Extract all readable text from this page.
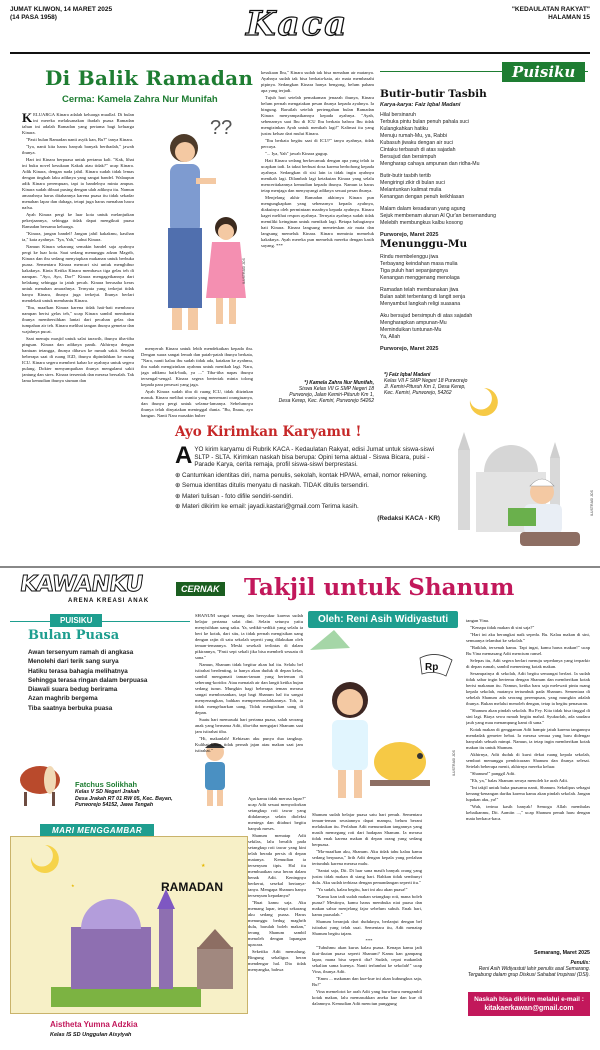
JUMAT KLIWON, 14 MARET 2025
(14 PASA 1958)	Kaca	"KEDAULATAN RAKYAT"
HALAMAN 15
Di Balik Ramadan
Cerma: Kamela Zahra Nur Munifah

KELUARGA Kinara adalah keluarga muallaf. Di bulan ini mereka melaksanakan ibadah puasa Ramadan tahun ini adalah Ramadan yang pertama bagi keluarga Kinara.

"Pasti bulan Ramadan nanti asyik kan, Bu?" tanya Kinara.

"Iya, nanti kita harus banyak banyak beribadah," jawab ibunya.

Hari ini Kinara berpuasa untuk pertama kali. "Kak, lihat ini buku novel kesukaan Kakak atau tidak?" ucap Kinara. Adik Kinara, dengan nada jahil. Kinara sudah tidak lemas dengan tingkah laku adiknya yang sangat bandel. Walaupun adik Kinara perempuan, tapi ia bandelnya minta ampun. Kinara sudah dibuat pusing dengan ulah adiknya itu. Namun amarahnya harus ditahannya karena puasa itu tidak sekadar menahan lapar dan dahaga, tetapi juga harus menahan hawa nafsu.

Ayah Kinara pergi ke luar kota untuk melanjutkan pekerjaannya, sehingga tidak dapat mengikuti puasa Ramadan bersama keluarga.

"Kinara, jangan bandel! Jangan jahil kakakmu, kasihan ia," kata ayahnya. "Iya, Yah," sahut Kinara.

Namun Kinara sekarang semakin bandel saja ayahnya pergi ke luar kota. Saat sedang menunggu adzan Magrib, Kinara dan ibu sedang menyiapkan makanan untuk berbuka puasa. Sementara Kinara mencari sisi untuk menghibur kakaknya. Kinta Ketika Kinara membawa tiga gelas teh di nampan. "Ayo, Ayo, Dor!" Kinara mengagetkannya dari belakang sehingga ia jatuh pecah. Kinara berusaha keras untuk menahan amarahnya. Ternyata yang terkejut tidak hanya Kinara, ibunya juga terkejut. Ibunya berlari mendekati untuk membantu Kinara.

"Ibu, maafkan Kinara karena tidak hati-hati membawa nampan berisi gelas teh," ucap Kinara sambil membantu ibunya membersihkan lantai dari pecahan gelas dan tumpahan air teh. Kinara melihat tangan ibunya gemetar dan wajahnya pucat.

Saat menuju masjid untuk salat tarawih, ibunya tiba-tiba pingsan. Kinara dan adiknya panik. Akhirnya dengan bantuan tetangga, ibunya dibawa ke rumah sakit. Setelah beberapa saat di ruang IGD, ibunya dipindahkan ke ruang ICU. Kinara segera memberi kabar ke ayahnya untuk segera pulang. Dokter menyampaikan ibunya mengalami sakit jantung dan stres. Kinara tersentak dan merasa bersalah. Tak lama kemudian ibunya siuman dan

??
ILUSTRASI JOS

menyeruh Kinara untuk lebih mendekatkan kepada ibu. Dengan suara sangat lemah dan patah-patah ibunya berkata, "Nara, nanti kalau ibu sudah tidak ada, katakan ke ayahmu, ibu sudah mengizinkan ayahmu untuk menikah lagi. Nara, jaga adikmu baik-baik, ya ..." Tiba-tiba napas ibunya tersengal-sengal. Kinara segera berteriak minta tolong kepada para perawat yang jaga.

Ayah Kinara sudah tiba di ruang ICU, tidak diizinkan masuk. Kinara melihat wanita yang menemani orangtuanya, dan ibunya pergi untuk selama-lamanya. Sebelumnya ibunya telah dinyatakan meninggal dunia. "Bu, Ibuuu, ayo bangun. Nanti Nara masakin buber

kesukaan Ibu," Kinara sudah tak bisa menahan air matanya. Ayahnya sudah tak bisa berkata-kata, air mata membasahi pipinya. Sedangkan Kinara hanya bengong, belum paham apa yang terjadi.

Tujuh hari setelah pemakaman jenazah ibunya, Kinara belum pernah mengatakan pesan ibunya kepada ayahnya. Ia bingung. Baruilah setelah pertengahan bulan Ramadan Kinara menyampaikannya kepada ayahnya. "Ayah, sebenarnya saat Ibu di ICU Ibu berkata bahwa Ibu tidak mengizinkan Ayah untuk menikah lagi!" Kalimat itu yang justru keluar dari mulut Kinara.

"Ibu berkata begitu saat di ICU?" tanya ayahnya, tidak percaya.

"... Iya, Yah" jawab Kinara gugup.

Hati Kinara sedang berkecamuk dengan apa yang telah ia ucapkan tadi. Ia takut berbuat dosa karena berbohong kepada ayahnya. Sedangkan di sisi lain ia tidak ingin ayahnya menikah lagi. Dilambah lagi ketakutan Kinara yang selalu menceritakannya kemudian kepada ibunya. Namun ia harus tetap menjaga dan menyayangi adiknya sesuai pesan ibunya.

Menjelang akhir Ramadan akhirnya Kinara pun mengungkapkan yang sebenarnya kepada ayahnya, diakuinya oleh permintaan maafnya kepada ayahnya. Kinara kaget melihat respon ayahnya. Ternyata ayahnya sudah tidak memiliki keinginan untuk menikah lagi. Betapa bahagianya hati Kinara. Kinara langsung meneteskan air mata dan langsung memeluk Kinara. Kinara meminta memeluk kakaknya. Ayah mereka pun memeluk mereka dengan kasih sayang. ***

*) Kamela Zahra Nur Munifah,
Siswa Kelas VII G SMP Negeri 18
Purworejo, Jalan Kemiri-Pituruh Km 1,
Desa Kerep, Kec. Kemiri, Purworejo 54262
Puisiku
Butir-butir Tasbih
Karya-karya: Faiz Iqbal Madani
Hilal bersinaruh
Terbuka pintu bulan penuh pahala suci
Kulangkahkan hatiku
Menuju rumah-Mu, ya, Rabbi
Kubasuh jiwaku dengan air suci
Cintaku terbasuh di atas sajadah
Bersujud dan bersimpuh
Mengharap cahaya ampunan dan ridha-Mu
Butir-butir tasbih tertib
Mengiringi zikir di bulan suci
Melantunkan kalimat mulia
Kenangan dengan penuh keikhlasan
Malam dalam kesadaran yang agung
Sejuk membenam alunan Al Qur'an bersenandung
Melebih membungkus kalbu kosong
Purworejo, Maret 2025
Menunggu-Mu
Rindu membelenggu jiwa
Terbayang keindahan masa mulia
Tiga puluh hari sepanjangnya
Kenangan menggenang menolaga
Ramadan telah membanakan jiwa
Bulan sabit terbentang di langit senja
Menyambut langkah religi suasana
Aku bersujud bersimpuh di atas sajadah
Mengharapkan ampunan-Mu
Meminduikan tuntunan-Mu
Ya, Allah
Purworejo, Maret 2025
*) Faiz Iqbal Madani
Kelas VII F SMP Negeri 18 Purworejo
Jl. Kemiri-Pituruh Km 1, Desa Kerep,
Kec. Kemiri, Purworejo, 54262
ILUSTRASI JOS
Ayo Kirimkan Karyamu !
AYO kirim karyamu di Rubrik KACA - Kedaulatan Rakyat, edisi Jumat untuk siswa-siswi SLTP - SLTA. Kirimkan naskah bisa berupa: Opini tema aktual - Siswa Bicara, puisi - Parade Karya, cerita remaja, profil siswa-siswi berprestasi.
⊕ Cantumkan identitas diri, nama penulis, sekolah, kontak HP/WA, email, nomor rekening.
⊕ Semua identitas ditulis menyatu di naskah. TIDAK ditulis tersendiri.
⊕ Materi tulisan - foto difile sendiri-sendiri.
⊕ Materi dikirim ke email: jayadi.kastari@gmail.com Terima kasih.
(Redaksi KACA - KR)
KAWANKU
ARENA KREASI ANAK
CERNAK Takjil untuk Shanum
PUISIKU
Bulan Puasa
Awan tersenyum ramah di angkasa
Menolehi dari terik sang surya
Hatiku terasa bahagia melihatnya
Sehingga terasa ringan dalam berpuasa
Diawali suara bedug berirama
Azan maghrib bergema
Tiba saatnya berbuka puasa
Fatchus Solikhah
Kelas V SD Negeri Jrakah
Desa Jrakah RT 01 RW 05, Kec. Bayan,
Purworejo 54152, Jawa Tengah
MARI MENGGAMBAR
★
★
RAMADAN
Aistheta Yumna Adzkia
Kelas IS SD Unggulan Aisyiyah

SHANUM sangat senang dan bersyukur karena sudah belajar pertama salat dini. Selain setunya yaitu menyisihkan uang saku. Ya, sedikit-sedikit yang selalu ia beri ke kotak, dari situ, ia tidak pernah mengisikan uang dengan rajin di satu sekolah seperti yang dilakukan oleh teman-temannya. Meski sesekali terlintas di dalam pikirannya, "Pasti sepi sekali jika bisa membeli sesuatu di sana."

Namun, Shanum tidak begitur akan hal itu. Selalu bel istirahat berdenting, ia hanya akan duduk di depan kelas, sambil mengamati taman-taman yang berteman di seberang-koridor. Atau menatah air dan langit ketika hujan sedang turun. Mungkin bagi beberapa teman merasa sangat membosankan, tapi bagi Shanum hal itu sangat menyenangkan, bahkan memperemaslahkannya. Toh, ia tidak mengeluarkan uang. Tidak mengisikan uang di depan.

Suatu hari memasuki hari pertama puasa, salah seorang anak yang bernama Adit, tiba-tiba mengajari Shanum saat jam istirahat tiba.

"Hi, makanlah! Kebiasan aku punya dua tangkup. Kulihat kamu tidak pernah jajan atau makan saat jam istirahat."

Apa kamu tidak merasa lapar?" ucap Adit sesuai menyodorkan setangkup roti tawar yang didalamnya selain dioleksi mentega dan ditaburi begitu banyak meses.

Shanum menatap Adit sekilas, lalu beralih pada setangkup roti tawar yang kini telah berada persis di depan matanya. Kemudian ia tersenyum tipis. Hal itu membuatkan rasa heran dalam benak Adit. Keningnya berkerut, sesekal bertanya-tanya. Mengapa Shanum hanya tersenyum kepadanya?

"Buat kamu saja. Aku memang lapar, tetapi sekarang aku sedang puasa. Harus menunggu bedug maghrib dulu, barulah boleh makan," terang Shanum sambil menoleh dengan lapangan upacara.

Seketika Adit memalung. Bingung sekaligus heran mendengar hal. Dia tidak menyangka, bahwa

Oleh: Reni Asih Widiyastuti
Rp
ILUSTRASI JOS

Shanum sudah belajar puasa satu hari penuh. Sementara teman-teman seusiannya dapat mampu, belum berani melakukan itu. Perlahan Adit menurunkan tangannya yang masih memegang roti dari hadapan Shanum. Ia merasa tidak enak karena makan di depan orang yang sedang berpuasa.

"Ma-maafkan aku, Shanum. Aku tidak tahu kalau kamu sedang berpuasa," lirih Adit dengan kepala yang perlahan tertunduk karena merasa malu.

"Santai saja, Dit. Di luar sana masih banyak orang yang justru tidak makan di siang hari. Bahkan tidak sembunyi dulu. Aku sudah terbiasa dengan pemandangan seperti itu."

"Ya sudah, kalau begitu, hari ini aku akan puasa!"

"Kamu kan tadi sudah makan setangkup roti, mana boleh puasa? Mestinya, kamu harus membuka niat puasa dan makan sahur menjelang fajar sebelum subuh. Enak hari, kamu puasalah."

Shanum beranjak dari duduknya, berlanjut dengan bel istirahat yang telah usai. Sementara itu, Adit menatap Shanum begitu tajam.

***

"Tubuhmu akan kurus kalau puasa. Kenapa kamu jadi ikut-ikutan puasa seperti Shanum? Kamu kan gampang lapar, mana bisa seperti dia? Sudah, cepat makanlah sekalian sama kuenya. Nanti terlambat ke sekolah!" ucap Vina, ibunya Adit.

"Emm ... makanan dan kue-kue ini akan kubungkus saja, Bu!"

Vina memelotot ke arah Adit yang buru-buru mengambil kotak makan, lalu memasukkan aneka kue dan kue di dalamnya. Kemudian Adit menciun punggung

tangan Vina.

"Kenapa tidak makan di sini saja?"

"Hari ini aku berangkat naik sepeda. Bu. Kalau makan di sini, semuanya telambat ke sekolah."

"Baiklah, tersenah kamu. Tapi ingat, kamu harus makan!" ucap Bu Vina memasang Adit mencium ransel.

Selepas itu, Adit segera berlari menuju sepedanya yang terparkir di depan rumah, sambil menenteng kotak makan.

Sesampainya di sekolah, Adit begitu semangat berlari. Ia sudah tidak sabar ingin bertemu dengan Shanum dan memberikan kotak berisi makanan itu. Namun, ketika baru saja melewati pintu ruang kepala sekolah, matanya tertumbuk pada Shanum. Sementara di sebelah Shanum ada seorang perempuan, yang mungkin adalah ibunya. Bukan melalui menoleh dengan, tetap ia begitu penasaran.

"Shanum akan pindah sekolah. Bu Fey. Kita tidak bisa tinggal di sini lagi. Biaya sewa rumah begitu mahal. Syukurlah, ada saudara jauh yang mau menampung kami di sana."

Kotak makan di genggaman Adit hampir jatuh karena tangannya mendadak gemeter hebat. Ia merasa semua yang baru didengar hanyalah sebuah mimpi. Namun, ia tetap ingin memberikan kotak makan itu untuk Shanum.

Akhirnya, Adit duduk di kursi dekat ruang kepala sekolah, sembari menunggu pembicaraan Shanum dan ibunya selesai. Setelah beberapa menit, akhirnya mereka keluar.

"Shanum!" panggil Adit.

"Eh, ya," balas Shanum seraya menoleh ke arah Adit.

"Ini takjil untuk buka puasamu nanti, Shanum. Sekalipus sebagai kenang-kenangan dariku karena kamu akan pindah sekolah. Jangan lupakan aku, ya!"

"Wah, terima kasih banyak! Semoga Allah membalas kebaikanmu, Dit. Aamiin ...," ucap Shanum penuh haru dengan mata berkaca-kaca.

Semarang, Maret 2025
Penulis:
Reni Asih Widiyastuti lahir penulis asal Semarang. Tergabung dalam grup Diskusi Sahabat Inspirasi (DSI).
Naskah bisa dikirim melalui e-mail :
kitakaerkawan@gmail.com
